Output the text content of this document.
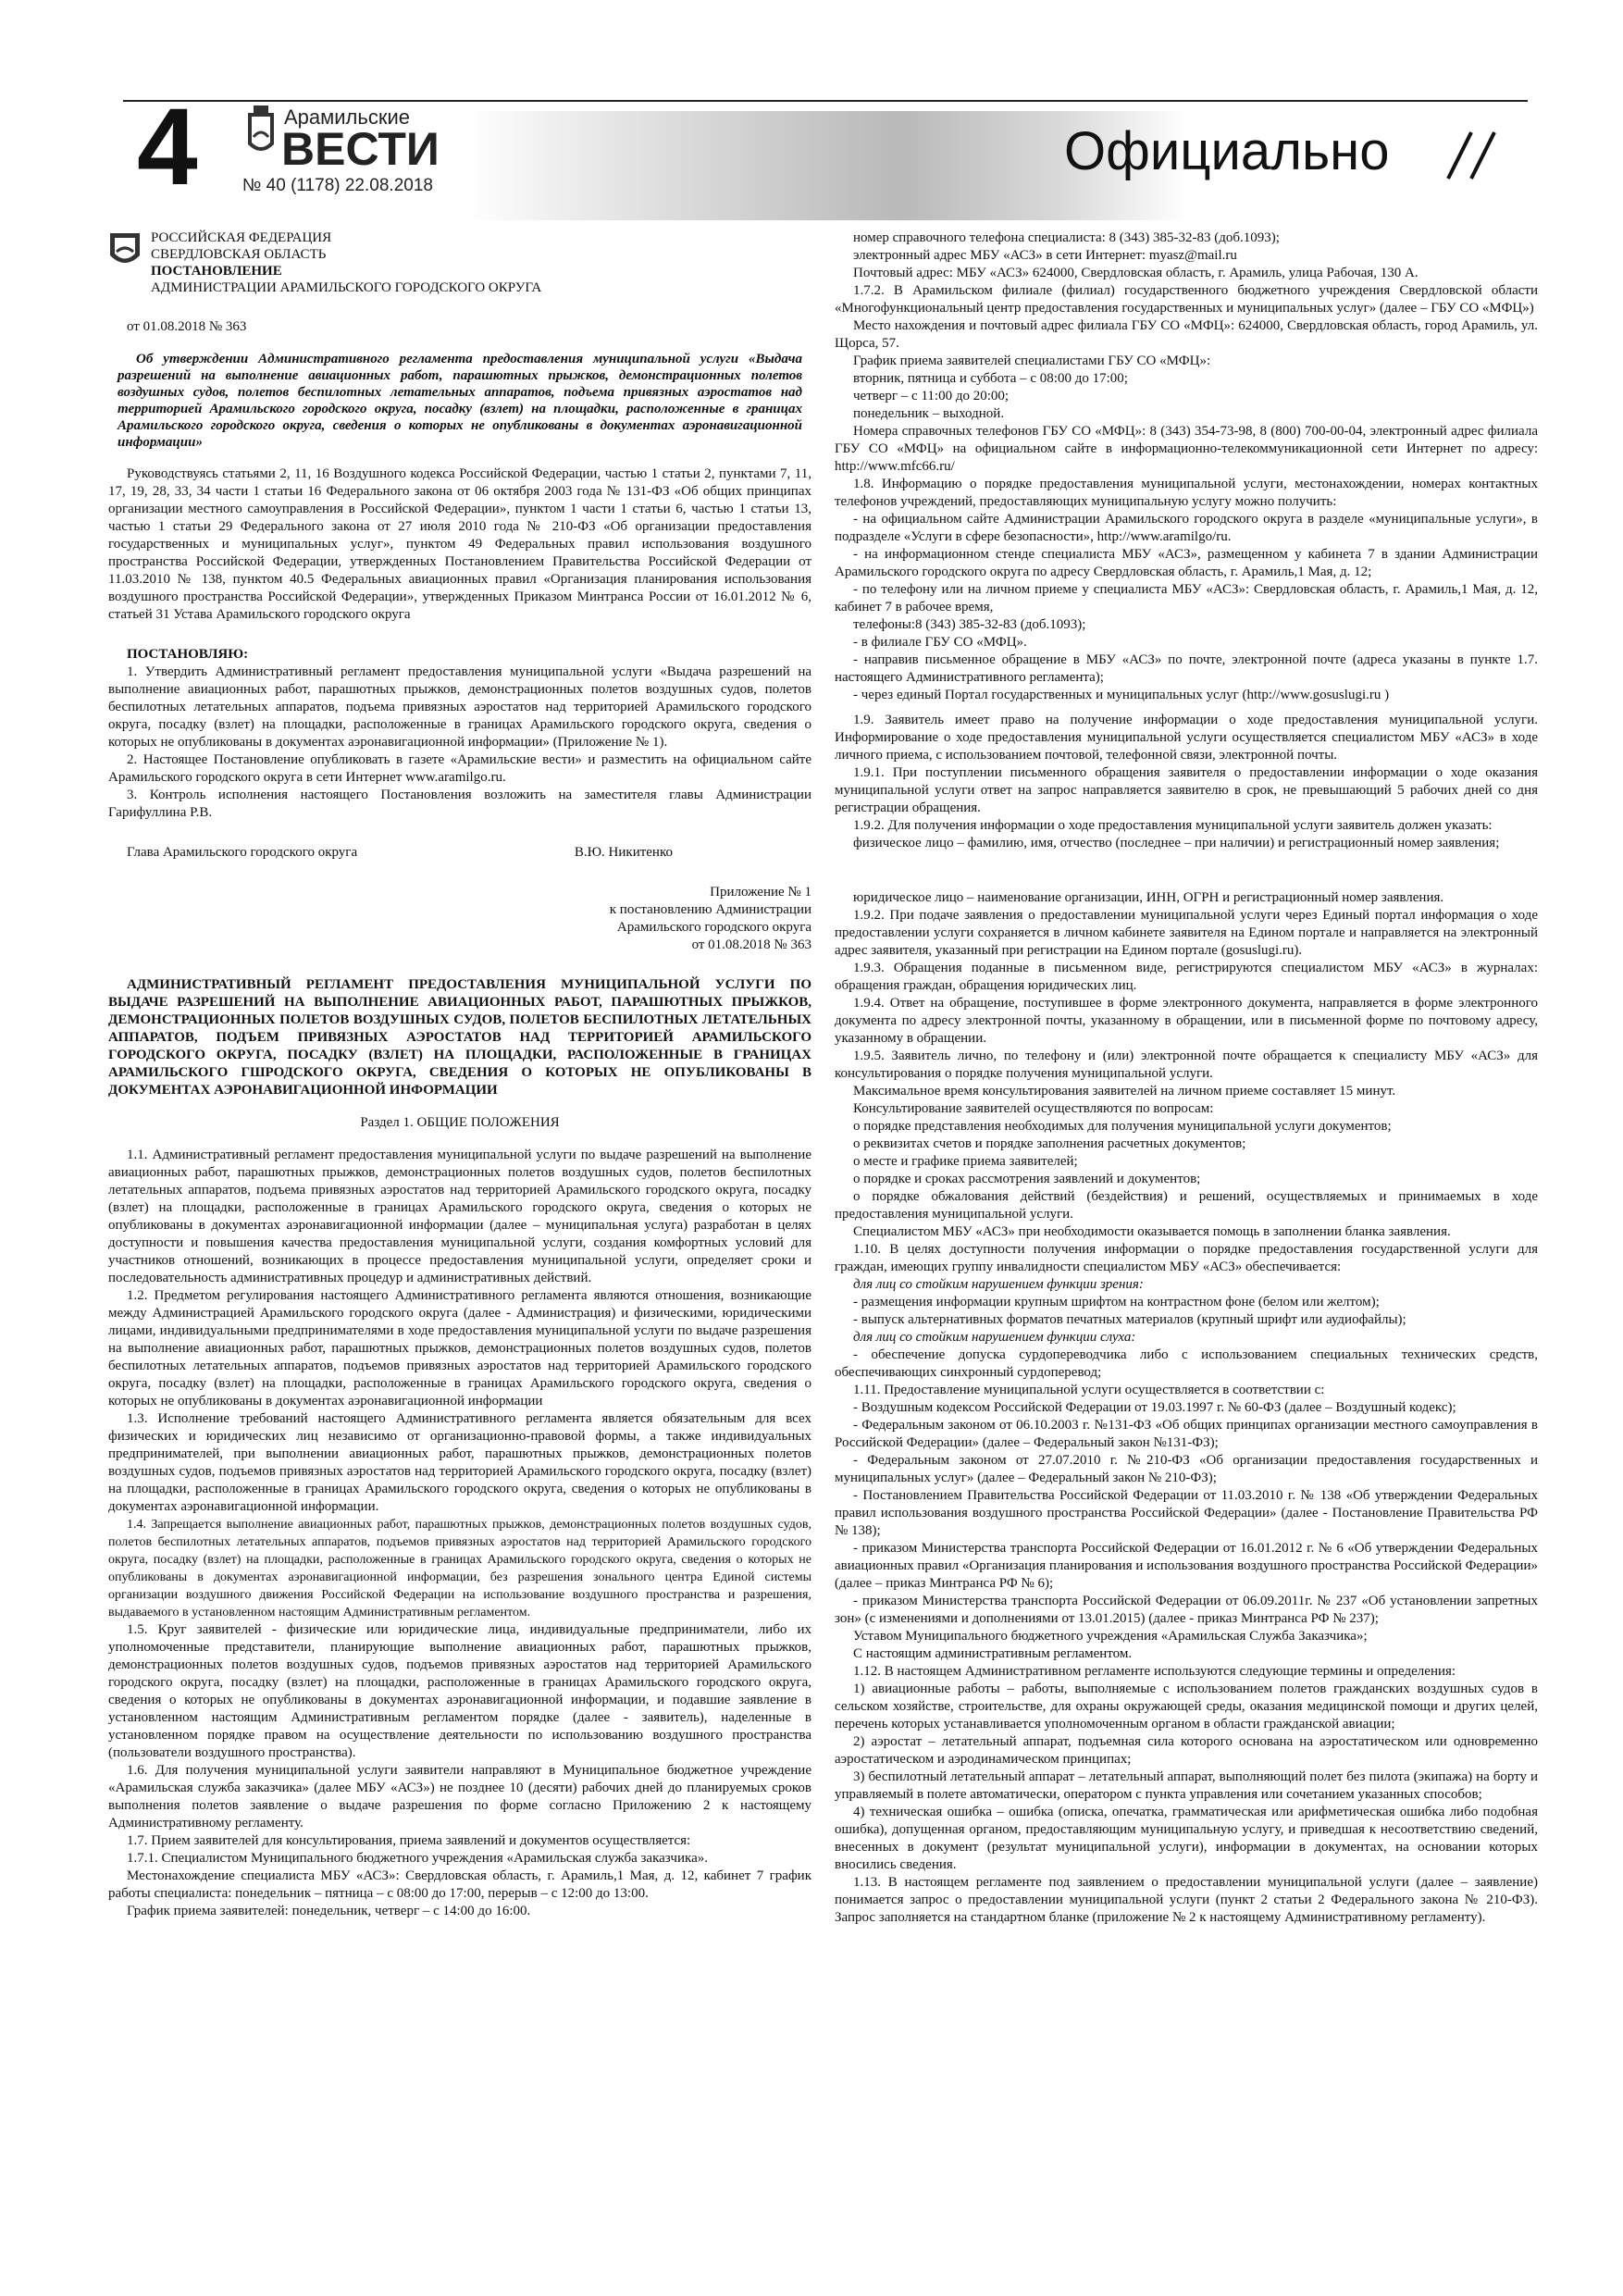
4	Арамильские
ВЕСТИ
№ 40 (1178) 22.08.2018
Официально
РОССИЙСКАЯ ФЕДЕРАЦИЯ
СВЕРДЛОВСКАЯ ОБЛАСТЬ
ПОСТАНОВЛЕНИЕ
АДМИНИСТРАЦИИ АРАМИЛЬСКОГО ГОРОДСКОГО ОКРУГА

от 01.08.2018 № 363

Об утверждении Административного регламента предоставления муниципальной услуги «Выдача разрешений на выполнение авиационных работ, парашютных прыжков, демонстрационных полетов воздушных судов, полетов беспилотных летательных аппаратов, подъема привязных аэростатов над территорией Арамильского городского округа, посадку (взлет) на площадки, расположенные в границах Арамильского городского округа, сведения о которых не опубликованы в документах аэронавигационной информации»

Руководствуясь статьями 2, 11, 16 Воздушного кодекса Российской Федерации, частью 1 статьи 2, пунктами 7, 11, 17, 19, 28, 33, 34 части 1 статьи 16 Федерального закона от 06 октября 2003 года № 131-ФЗ «Об общих принципах организации местного самоуправления в Российской Федерации», пунктом 1 части 1 статьи 6, частью 1 статьи 13, частью 1 статьи 29 Федерального закона от 27 июля 2010 года № 210-ФЗ «Об организации предоставления государственных и муниципальных услуг», пунктом 49 Федеральных правил использования воздушного пространства Российской Федерации, утвержденных Постановлением Правительства Российской Федерации от 11.03.2010 № 138, пунктом 40.5 Федеральных авиационных правил «Организация планирования использования воздушного пространства Российской Федерации», утвержденных Приказом Минтранса России от 16.01.2012 № 6, статьей 31 Устава Арамильского городского округа

ПОСТАНОВЛЯЮ:

1. Утвердить Административный регламент предоставления муниципальной услуги «Выдача разрешений на выполнение авиационных работ, парашютных прыжков, демонстрационных полетов воздушных судов, полетов беспилотных летательных аппаратов, подъема привязных аэростатов над территорией Арамильского городского округа, посадку (взлет) на площадки, расположенные в границах Арамильского городского округа, сведения о которых не опубликованы в документах аэронавигационной информации» (Приложение № 1).

2. Настоящее Постановление опубликовать в газете «Арамильские вести» и разместить на официальном сайте Арамильского городского округа в сети Интернет www.aramilgo.ru.

3. Контроль исполнения настоящего Постановления возложить на заместителя главы Администрации Гарифуллина Р.В.

Глава Арамильского городского округа	В.Ю. Никитенко

Приложение № 1

к постановлению Администрации

Арамильского городского округа

от 01.08.2018 № 363

АДМИНИСТРАТИВНЫЙ РЕГЛАМЕНТ ПРЕДОСТАВЛЕНИЯ МУНИЦИПАЛЬНОЙ УСЛУГИ ПО ВЫДАЧЕ РАЗРЕШЕНИЙ НА ВЫПОЛНЕНИЕ АВИАЦИОННЫХ РАБОТ, ПАРАШЮТНЫХ ПРЫЖКОВ, ДЕМОНСТРАЦИОННЫХ ПОЛЕТОВ ВОЗДУШНЫХ СУДОВ, ПОЛЕТОВ БЕСПИЛОТНЫХ ЛЕТАТЕЛЬНЫХ АППАРАТОВ, ПОДЪЕМ ПРИВЯЗНЫХ АЭРОСТАТОВ НАД ТЕРРИТОРИЕЙ АРАМИЛЬСКОГО ГОРОДСКОГО ОКРУГА, ПОСАДКУ (ВЗЛЕТ) НА ПЛОЩАДКИ, РАСПОЛОЖЕННЫЕ В ГРАНИЦАХ АРАМИЛЬСКОГО ГШРОДСКОГО ОКРУГА, СВЕДЕНИЯ О КОТОРЫХ НЕ ОПУБЛИКОВАНЫ В ДОКУМЕНТАХ АЭРОНАВИГАЦИОННОЙ ИНФОРМАЦИИ

Раздел 1. ОБЩИЕ ПОЛОЖЕНИЯ

1.1. Административный регламент предоставления муниципальной услуги по выдаче разрешений на выполнение авиационных работ, парашютных прыжков, демонстрационных полетов воздушных судов, полетов беспилотных летательных аппаратов, подъема привязных аэростатов над территорией Арамильского городского округа, посадку (взлет) на площадки, расположенные в границах Арамильского городского округа, сведения о которых не опубликованы в документах аэронавигационной информации (далее – муниципальная услуга) разработан в целях доступности и повышения качества предоставления муниципальной услуги, создания комфортных условий для участников отношений, возникающих в процессе предоставления муниципальной услуги, определяет сроки и последовательность административных процедур и административных действий.

1.2. Предметом регулирования настоящего Административного регламента являются отношения, возникающие между Администрацией Арамильского городского округа (далее - Администрация) и физическими, юридическими лицами, индивидуальными предпринимателями в ходе предоставления муниципальной услуги по выдаче разрешения на выполнение авиационных работ, парашютных прыжков, демонстрационных полетов воздушных судов, полетов беспилотных летательных аппаратов, подъемов привязных аэростатов над территорией Арамильского городского округа, посадку (взлет) на площадки, расположенные в границах Арамильского городского округа, сведения о которых не опубликованы в документах аэронавигационной информации

1.3. Исполнение требований настоящего Административного регламента является обязательным для всех физических и юридических лиц независимо от организационно-правовой формы, а также индивидуальных предпринимателей, при выполнении авиационных работ, парашютных прыжков, демонстрационных полетов воздушных судов, подъемов привязных аэростатов над территорией Арамильского городского округа, посадку (взлет) на площадки, расположенные в границах Арамильского городского округа, сведения о которых не опубликованы в документах аэронавигационной информации.

1.4. Запрещается выполнение авиационных работ, парашютных прыжков, демонстрационных полетов воздушных судов, полетов беспилотных летательных аппаратов, подъемов привязных аэростатов над территорией Арамильского городского округа, посадку (взлет) на площадки, расположенные в границах Арамильского городского округа, сведения о которых не опубликованы в документах аэронавигационной информации, без разрешения зонального центра Единой системы организации воздушного движения Российской Федерации на использование воздушного пространства и разрешения, выдаваемого в установленном настоящим Административным регламентом.

1.5. Круг заявителей - физические или юридические лица, индивидуальные предприниматели, либо их уполномоченные представители, планирующие выполнение авиационных работ, парашютных прыжков, демонстрационных полетов воздушных судов, подъемов привязных аэростатов над территорией Арамильского городского округа, посадку (взлет) на площадки, расположенные в границах Арамильского городского округа, сведения о которых не опубликованы в документах аэронавигационной информации, и подавшие заявление в установленном настоящим Административным регламентом порядке (далее - заявитель), наделенные в установленном порядке правом на осуществление деятельности по использованию воздушного пространства (пользователи воздушного пространства).

1.6. Для получения муниципальной услуги заявители направляют в Муниципальное бюджетное учреждение «Арамильская служба заказчика» (далее МБУ «АСЗ») не позднее 10 (десяти) рабочих дней до планируемых сроков выполнения полетов заявление о выдаче разрешения по форме согласно Приложению 2 к настоящему Административному регламенту.

1.7. Прием заявителей для консультирования, приема заявлений и документов осуществляется:

1.7.1. Специалистом Муниципального бюджетного учреждения «Арамильская служба заказчика».

Местонахождение специалиста МБУ «АСЗ»: Свердловская область, г. Арамиль,1 Мая, д. 12, кабинет 7 график работы специалиста: понедельник – пятница – с 08:00 до 17:00, перерыв – с 12:00 до 13:00.

График приема заявителей: понедельник, четверг – с 14:00 до 16:00.

номер справочного телефона специалиста: 8 (343) 385-32-83 (доб.1093);

электронный адрес МБУ «АСЗ» в сети Интернет: myasz@mail.ru

Почтовый адрес: МБУ «АСЗ» 624000, Свердловская область, г. Арамиль, улица Рабочая, 130 А.

1.7.2. В Арамильском филиале (филиал) государственного бюджетного учреждения Свердловской области «Многофункциональный центр предоставления государственных и муниципальных услуг» (далее – ГБУ СО «МФЦ»)

Место нахождения и почтовый адрес филиала ГБУ СО «МФЦ»: 624000, Свердловская область, город Арамиль, ул. Щорса, 57.

График приема заявителей специалистами ГБУ СО «МФЦ»:

вторник, пятница и суббота – с 08:00 до 17:00;

четверг – с 11:00 до 20:00;

понедельник – выходной.

Номера справочных телефонов ГБУ СО «МФЦ»: 8 (343) 354-73-98, 8 (800) 700-00-04, электронный адрес филиала ГБУ СО «МФЦ» на официальном сайте в информационно-телекоммуникационной сети Интернет по адресу: http://www.mfc66.ru/

1.8. Информацию о порядке предоставления муниципальной услуги, местонахождении, номерах контактных телефонов учреждений, предоставляющих муниципальную услугу можно получить:

- на официальном сайте Администрации Арамильского городского округа в разделе «муниципальные услуги», в подразделе «Услуги в сфере безопасности», http://www.aramilgo/ru.

- на информационном стенде специалиста МБУ «АСЗ», размещенном у кабинета 7 в здании Администрации Арамильского городского округа по адресу Свердловская область, г. Арамиль,1 Мая, д. 12;

- по телефону или на личном приеме у специалиста МБУ «АСЗ»: Свердловская область, г. Арамиль,1 Мая, д. 12, кабинет 7 в рабочее время,

телефоны:8 (343) 385-32-83 (доб.1093);

- в филиале ГБУ СО «МФЦ».

- направив письменное обращение в МБУ «АСЗ» по почте, электронной почте (адреса указаны в пункте 1.7. настоящего Административного регламента);

- через единый Портал государственных и муниципальных услуг (http://www.gosuslugi.ru )

1.9. Заявитель имеет право на получение информации о ходе предоставления муниципальной услуги. Информирование о ходе предоставления муниципальной услуги осуществляется специалистом МБУ «АСЗ» в ходе личного приема, с использованием почтовой, телефонной связи, электронной почты.

1.9.1. При поступлении письменного обращения заявителя о предоставлении информации о ходе оказания муниципальной услуги ответ на запрос направляется заявителю в срок, не превышающий 5 рабочих дней со дня регистрации обращения.

1.9.2. Для получения информации о ходе предоставления муниципальной услуги заявитель должен указать:

физическое лицо – фамилию, имя, отчество (последнее – при наличии) и регистрационный номер заявления;

юридическое лицо – наименование организации, ИНН, ОГРН и регистрационный номер заявления.

1.9.2. При подаче заявления о предоставлении муниципальной услуги через Единый портал информация о ходе предоставлении услуги сохраняется в личном кабинете заявителя на Едином портале и направляется на электронный адрес заявителя, указанный при регистрации на Едином портале (gosuslugi.ru).

1.9.3. Обращения поданные в письменном виде, регистрируются специалистом МБУ «АСЗ» в журналах: обращения граждан, обращения юридических лиц.

1.9.4. Ответ на обращение, поступившее в форме электронного документа, направляется в форме электронного документа по адресу электронной почты, указанному в обращении, или в письменной форме по почтовому адресу, указанному в обращении.

1.9.5. Заявитель лично, по телефону и (или) электронной почте обращается к специалисту МБУ «АСЗ» для консультирования о порядке получения муниципальной услуги.

Максимальное время консультирования заявителей на личном приеме составляет 15 минут.

Консультирование заявителей осуществляются по вопросам:

о порядке представления необходимых для получения муниципальной услуги документов;

о реквизитах счетов и порядке заполнения расчетных документов;

о месте и графике приема заявителей;

о порядке и сроках рассмотрения заявлений и документов;

о порядке обжалования действий (бездействия) и решений, осуществляемых и принимаемых в ходе предоставления муниципальной услуги.

Специалистом МБУ «АСЗ» при необходимости оказывается помощь в заполнении бланка заявления.

1.10. В целях доступности получения информации о порядке предоставления государственной услуги для граждан, имеющих группу инвалидности специалистом МБУ «АСЗ» обеспечивается:

для лиц со стойким нарушением функции зрения:

- размещения информации крупным шрифтом на контрастном фоне (белом или желтом);

- выпуск альтернативных форматов печатных материалов (крупный шрифт или аудиофайлы);

для лиц со стойким нарушением функции слуха:

- обеспечение допуска сурдопереводчика либо с использованием специальных технических средств, обеспечивающих синхронный сурдоперевод;

1.11. Предоставление муниципальной услуги осуществляется в соответствии с:

- Воздушным кодексом Российской Федерации от 19.03.1997 г. № 60-ФЗ (далее – Воздушный кодекс);

- Федеральным законом от 06.10.2003 г. №131-ФЗ «Об общих принципах организации местного самоуправления в Российской Федерации» (далее – Федеральный закон №131-ФЗ);

- Федеральным законом от 27.07.2010 г. №210-ФЗ «Об организации предоставления государственных и муниципальных услуг» (далее – Федеральный закон № 210-ФЗ);

- Постановлением Правительства Российской Федерации от 11.03.2010 г. № 138 «Об утверждении Федеральных правил использования воздушного пространства Российской Федерации» (далее - Постановление Правительства РФ № 138);

- приказом Министерства транспорта Российской Федерации от 16.01.2012 г. № 6 «Об утверждении Федеральных авиационных правил «Организация планирования и использования воздушного пространства Российской Федерации» (далее – приказ Минтранса РФ № 6);

- приказом Министерства транспорта Российской Федерации от 06.09.2011г. № 237 «Об установлении запретных зон» (с изменениями и дополнениями от 13.01.2015) (далее - приказ Минтранса РФ № 237);

Уставом Муниципального бюджетного учреждения «Арамильская Служба Заказчика»;

С настоящим административным регламентом.

1.12. В настоящем Административном регламенте используются следующие термины и определения:

1) авиационные работы – работы, выполняемые с использованием полетов гражданских воздушных судов в сельском хозяйстве, строительстве, для охраны окружающей среды, оказания медицинской помощи и других целей, перечень которых устанавливается уполномоченным органом в области гражданской авиации;

2) аэростат – летательный аппарат, подъемная сила которого основана на аэростатическом или одновременно аэростатическом и аэродинамическом принципах;

3) беспилотный летательный аппарат – летательный аппарат, выполняющий полет без пилота (экипажа) на борту и управляемый в полете автоматически, оператором с пункта управления или сочетанием указанных способов;

4) техническая ошибка – ошибка (описка, опечатка, грамматическая или арифметическая ошибка либо подобная ошибка), допущенная органом, предоставляющим муниципальную услугу, и приведшая к несоответствию сведений, внесенных в документ (результат муниципальной услуги), информации в документах, на основании которых вносились сведения.

1.13. В настоящем регламенте под заявлением о предоставлении муниципальной услуги (далее – заявление) понимается запрос о предоставлении муниципальной услуги (пункт 2 статьи 2 Федерального закона № 210-ФЗ). Запрос заполняется на стандартном бланке (приложение № 2 к настоящему Административному регламенту).
